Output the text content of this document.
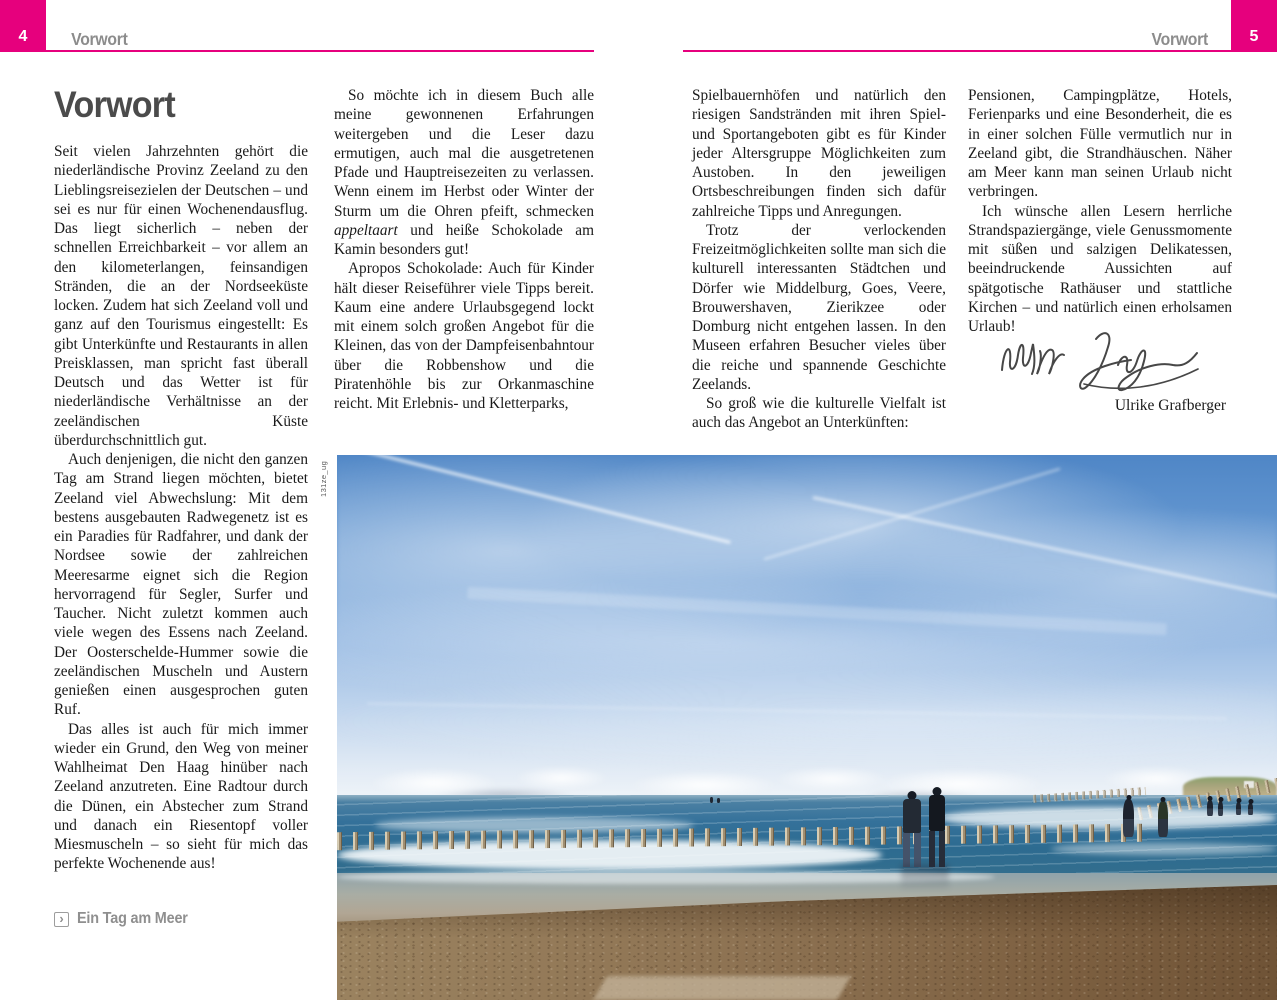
4 Vorwort	5
Vorwort
Vorwort

Seit vielen Jahrzehnten gehört die niederländische Provinz Zeeland zu den Lieblingsreisezielen der Deutschen – und sei es nur für einen Wochenendausflug. Das liegt sicherlich – neben der schnellen Erreichbarkeit – vor allem an den kilometerlangen, feinsandigen Stränden, die an der Nordseeküste locken. Zudem hat sich Zeeland voll und ganz auf den Tourismus eingestellt: Es gibt Unterkünfte und Restaurants in allen Preisklassen, man spricht fast überall Deutsch und das Wetter ist für niederländische Verhältnisse an der zeeländischen Küste überdurchschnittlich gut.

Auch denjenigen, die nicht den ganzen Tag am Strand liegen möchten, bietet Zeeland viel Abwechslung: Mit dem bestens ausgebauten Radwegenetz ist es ein Paradies für Radfahrer, und dank der Nordsee sowie der zahlreichen Meeresarme eignet sich die Region hervorragend für Segler, Surfer und Taucher. Nicht zuletzt kommen auch viele wegen des Essens nach Zeeland. Der Oosterschelde-Hummer sowie die zeeländischen Muscheln und Austern genießen einen ausgesprochen guten Ruf.

Das alles ist auch für mich immer wieder ein Grund, den Weg von meiner Wahlheimat Den Haag hinüber nach Zeeland anzutreten. Eine Radtour durch die Dünen, ein Abstecher zum Strand und danach ein Riesentopf voller Miesmuscheln – so sieht für mich das perfekte Wochenende aus!

So möchte ich in diesem Buch alle meine gewonnenen Erfahrungen weitergeben und die Leser dazu ermutigen, auch mal die ausgetretenen Pfade und Hauptreisezeiten zu verlassen. Wenn einem im Herbst oder Winter der Sturm um die Ohren pfeift, schmecken appeltaart und heiße Schokolade am Kamin besonders gut!

Apropos Schokolade: Auch für Kinder hält dieser Reiseführer viele Tipps bereit. Kaum eine andere Urlaubsgegend lockt mit einem solch großen Angebot für die Kleinen, das von der Dampfeisenbahntour über die Robbenshow und die Piratenhöhle bis zur Orkanmaschine reicht. Mit Erlebnis- und Kletterparks,

Spielbauernhöfen und natürlich den riesigen Sandstränden mit ihren Spiel- und Sportangeboten gibt es für Kinder jeder Altersgruppe Möglichkeiten zum Austoben. In den jeweiligen Ortsbeschreibungen finden sich dafür zahlreiche Tipps und Anregungen.

Trotz der verlockenden Freizeitmöglichkeiten sollte man sich die kulturell interessanten Städtchen und Dörfer wie Middelburg, Goes, Veere, Brouwershaven, Zierikzee oder Domburg nicht entgehen lassen. In den Museen erfahren Besucher vieles über die reiche und spannende Geschichte Zeelands.

So groß wie die kulturelle Vielfalt ist auch das Angebot an Unterkünften:

Pensionen, Campingplätze, Hotels, Ferienparks und eine Besonderheit, die es in einer solchen Fülle vermutlich nur in Zeeland gibt, die Strandhäuschen. Näher am Meer kann man seinen Urlaub nicht verbringen.

Ich wünsche allen Lesern herrliche Strandspaziergänge, viele Genussmomente mit süßen und salzigen Delikatessen, beeindruckende Aussichten auf spätgotische Rathäuser und stattliche Kirchen – und natürlich einen erholsamen Urlaub!

Ulrike Grafberger
› Ein Tag am Meer
131ze_ug
